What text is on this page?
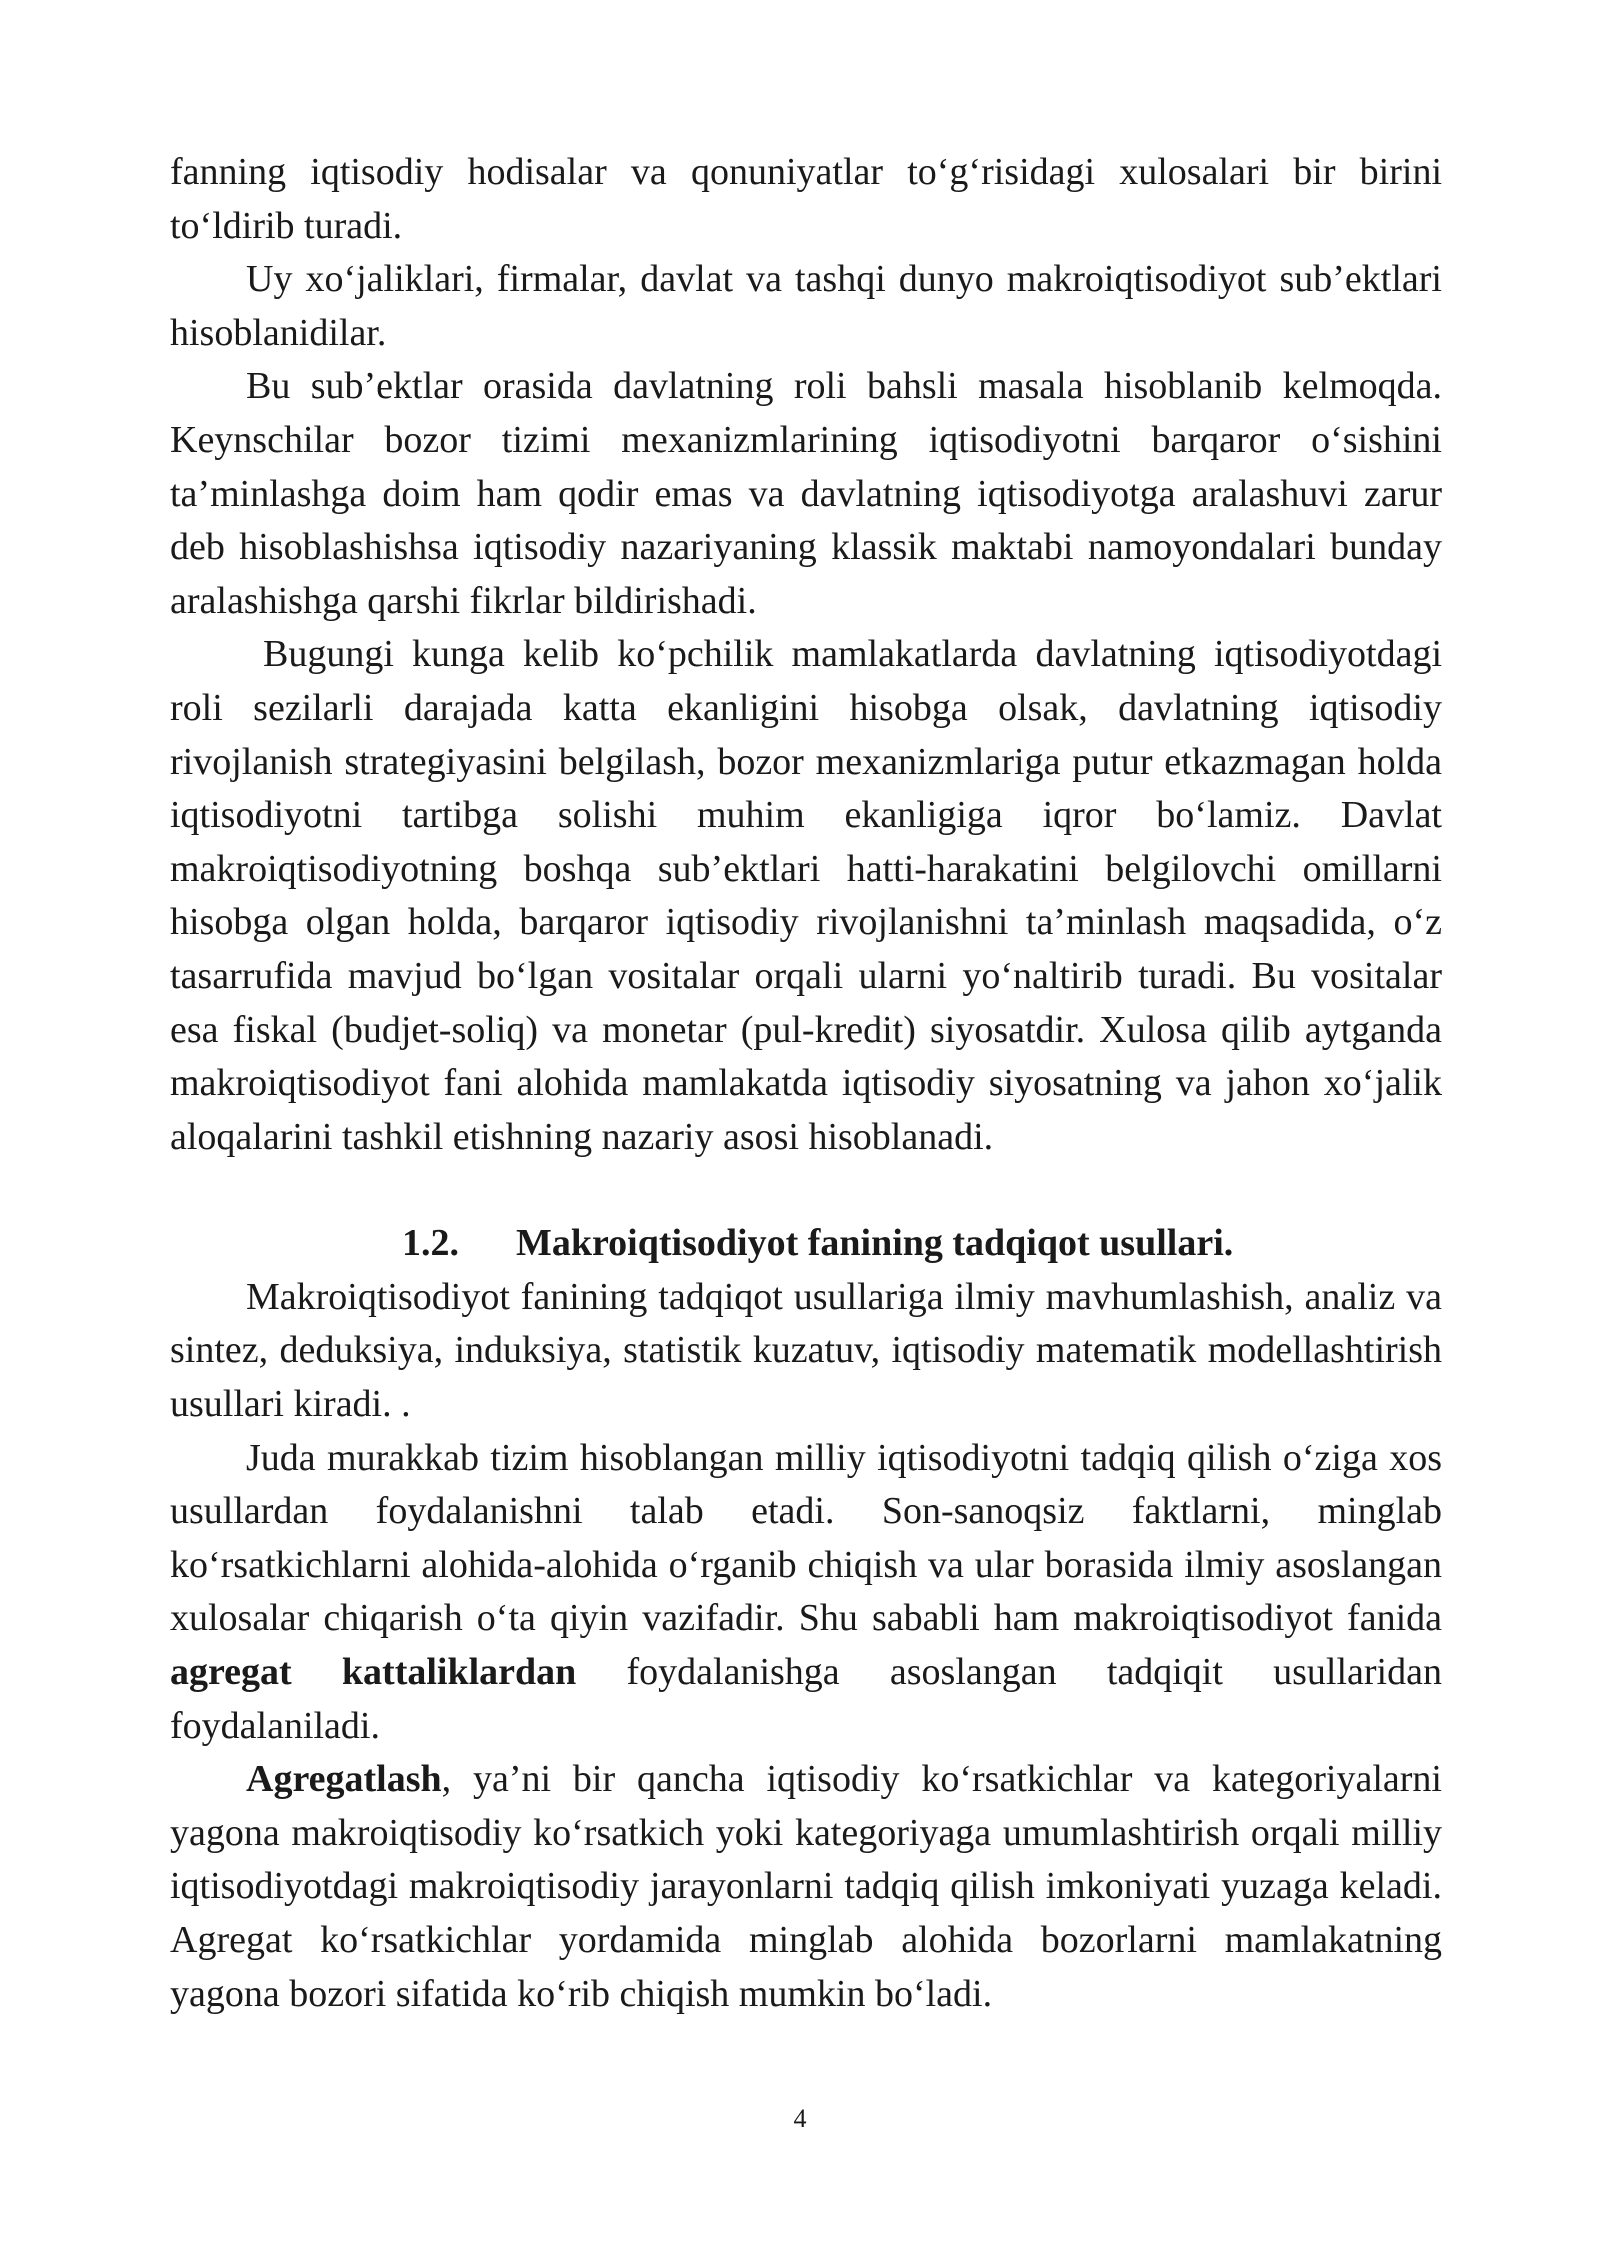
fanning iqtisodiy hodisalar va qonuniyatlar to‘g‘risidagi xulosalari bir birini to‘ldirib turadi.

Uy xo‘jaliklari, firmalar, davlat va tashqi dunyo makroiqtisodiyot sub’ektlari hisoblanidilar.

Bu sub’ektlar orasida davlatning roli bahsli masala hisoblanib kelmoqda. Keynschilar bozor tizimi mexanizmlarining iqtisodiyotni barqaror o‘sishini ta’minlashga doim ham qodir emas va davlatning iqtisodiyotga aralashuvi zarur deb hisoblashishsa iqtisodiy nazariyaning klassik maktabi namoyondalari bunday aralashishga qarshi fikrlar bildirishadi.

Bugungi kunga kelib ko‘pchilik mamlakatlarda davlatning iqtisodiyotdagi roli sezilarli darajada katta ekanligini hisobga olsak, davlatning iqtisodiy rivojlanish strategiyasini belgilash, bozor mexanizmlariga putur etkazmagan holda iqtisodiyotni tartibga solishi muhim ekanligiga iqror bo‘lamiz. Davlat makroiqtisodiyotning boshqa sub’ektlari hatti-harakatini belgilovchi omillarni hisobga olgan holda, barqaror iqtisodiy rivojlanishni ta’minlash maqsadida, o‘z tasarrufida mavjud bo‘lgan vositalar orqali ularni yo‘naltirib turadi. Bu vositalar esa fiskal (budjet-soliq) va monetar (pul-kredit) siyosatdir. Xulosa qilib aytganda makroiqtisodiyot fani alohida mamlakatda iqtisodiy siyosatning va jahon xo‘jalik aloqalarini tashkil etishning nazariy asosi hisoblanadi.

1.2. Makroiqtisodiyot fanining tadqiqot usullari.

Makroiqtisodiyot fanining tadqiqot usullariga ilmiy mavhumlashish, analiz va sintez, deduksiya, induksiya, statistik kuzatuv, iqtisodiy matematik modellashtirish usullari kiradi. .

Juda murakkab tizim hisoblangan milliy iqtisodiyotni tadqiq qilish o‘ziga xos usullardan foydalanishni talab etadi. Son-sanoqsiz faktlarni, minglab ko‘rsatkichlarni alohida-alohida o‘rganib chiqish va ular borasida ilmiy asoslangan xulosalar chiqarish o‘ta qiyin vazifadir. Shu sababli ham makroiqtisodiyot fanida agregat kattaliklardan foydalanishga asoslangan tadqiqit usullaridan foydalaniladi.

Agregatlash, ya’ni bir qancha iqtisodiy ko‘rsatkichlar va kategoriyalarni yagona makroiqtisodiy ko‘rsatkich yoki kategoriyaga umumlashtirish orqali milliy iqtisodiyotdagi makroiqtisodiy jarayonlarni tadqiq qilish imkoniyati yuzaga keladi. Agregat ko‘rsatkichlar yordamida minglab alohida bozorlarni mamlakatning yagona bozori sifatida ko‘rib chiqish mumkin bo‘ladi.

4
